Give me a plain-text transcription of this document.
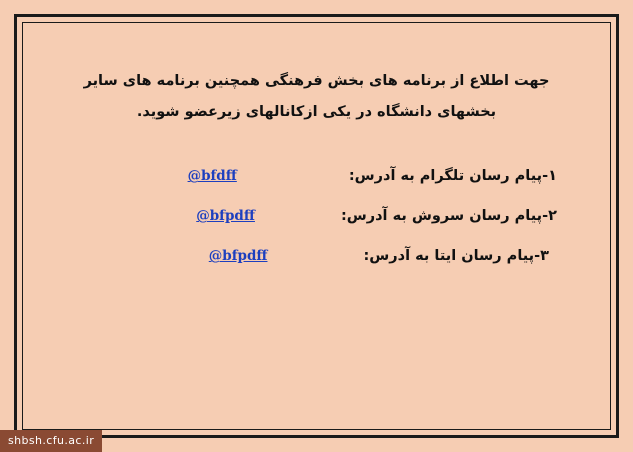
جهت اطلاع از برنامه های بخش فرهنگی همچنین برنامه های سایر
بخشهای دانشگاه در یکی ازکانالهای زیرعضو شوید.
۱-پیام رسان تلگرام به آدرس:
@bfdff
۲-پیام رسان سروش به آدرس:
@bfpdff
۳-پیام رسان ایتا به آدرس:
@bfpdff
shbsh.cfu.ac.ir
